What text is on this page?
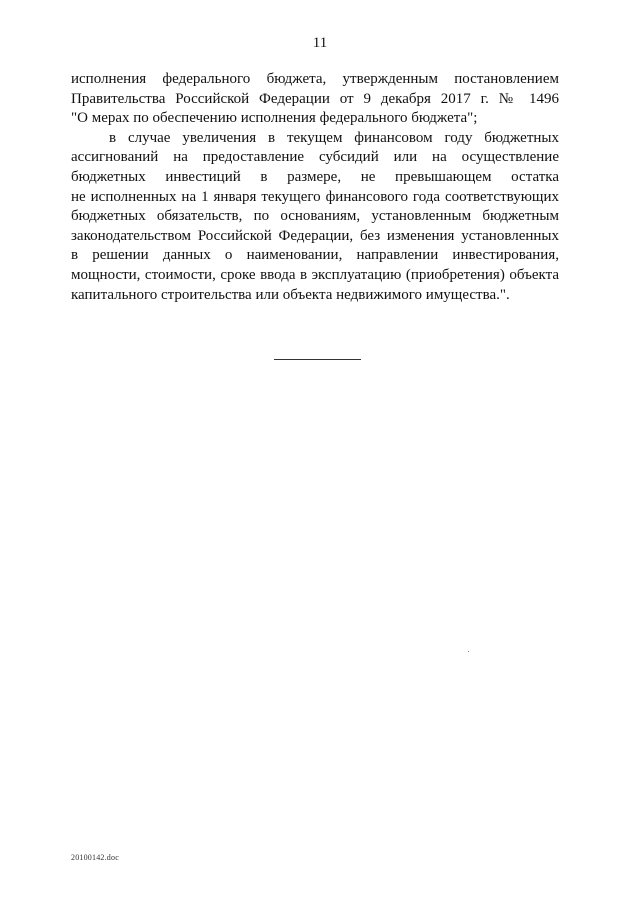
11
исполнения федерального бюджета, утвержденным постановлением
Правительства Российской Федерации от 9 декабря 2017 г. № 1496
"О мерах по обеспечению исполнения федерального бюджета";
в случае увеличения в текущем финансовом году бюджетных
ассигнований на предоставление субсидий или на осуществление
бюджетных инвестиций в размере, не превышающем остатка
не исполненных на 1 января текущего финансового года соответствующих
бюджетных обязательств, по основаниям, установленным бюджетным
законодательством Российской Федерации, без изменения установленных
в решении данных о наименовании, направлении инвестирования,
мощности, стоимости, сроке ввода в эксплуатацию (приобретения) объекта
капитального строительства или объекта недвижимого имущества.".
20100142.doc
